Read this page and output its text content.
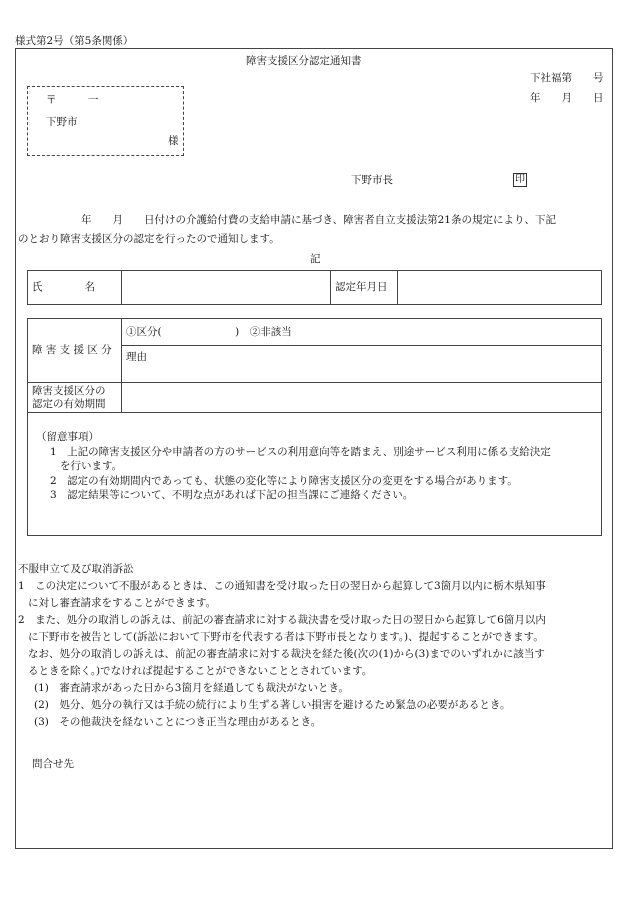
様式第2号（第5条関係）
障害支援区分認定通知書
下社福第　　号
年　　月　　日
〒　　　一
下野市
様
下野市長	印
年　　月　　日付けの介護給付費の支給申請に基づき、障害者自立支援法第21条の規定により、下記
のとおり障害支援区分の認定を行ったので通知します。
記
氏　　　　名		認定年月日	
障 害 支 援 区 分	①区分(　　　　　　　)　②非該当
	理由

障害支援区分の
認定の有効期間	

（留意事項）
1　上記の障害支援区分や申請者の方のサービスの利用意向等を踏まえ、別途サービス利用に係る支給決定
を行います。
2　認定の有効期間内であっても、状態の変化等により障害支援区分の変更をする場合があります。
3　認定結果等について、不明な点があれば下記の担当課にご連絡ください。	
不服申立て及び取消訴訟
1　この決定について不服があるときは、この通知書を受け取った日の翌日から起算して3箇月以内に栃木県知事
に対し審査請求をすることができます。
2　また、処分の取消しの訴えは、前記の審査請求に対する裁決書を受け取った日の翌日から起算して6箇月以内
に下野市を被告として(訴訟において下野市を代表する者は下野市長となります。)、提起することができます。
なお、処分の取消しの訴えは、前記の審査請求に対する裁決を経た後(次の(1)から(3)までのいずれかに該当す
るときを除く。)でなければ提起することができないこととされています。
(1)　審査請求があった日から3箇月を経過しても裁決がないとき。
(2)　処分、処分の執行又は手続の続行により生ずる著しい損害を避けるため緊急の必要があるとき。
(3)　その他裁決を経ないことにつき正当な理由があるとき。
問合せ先
